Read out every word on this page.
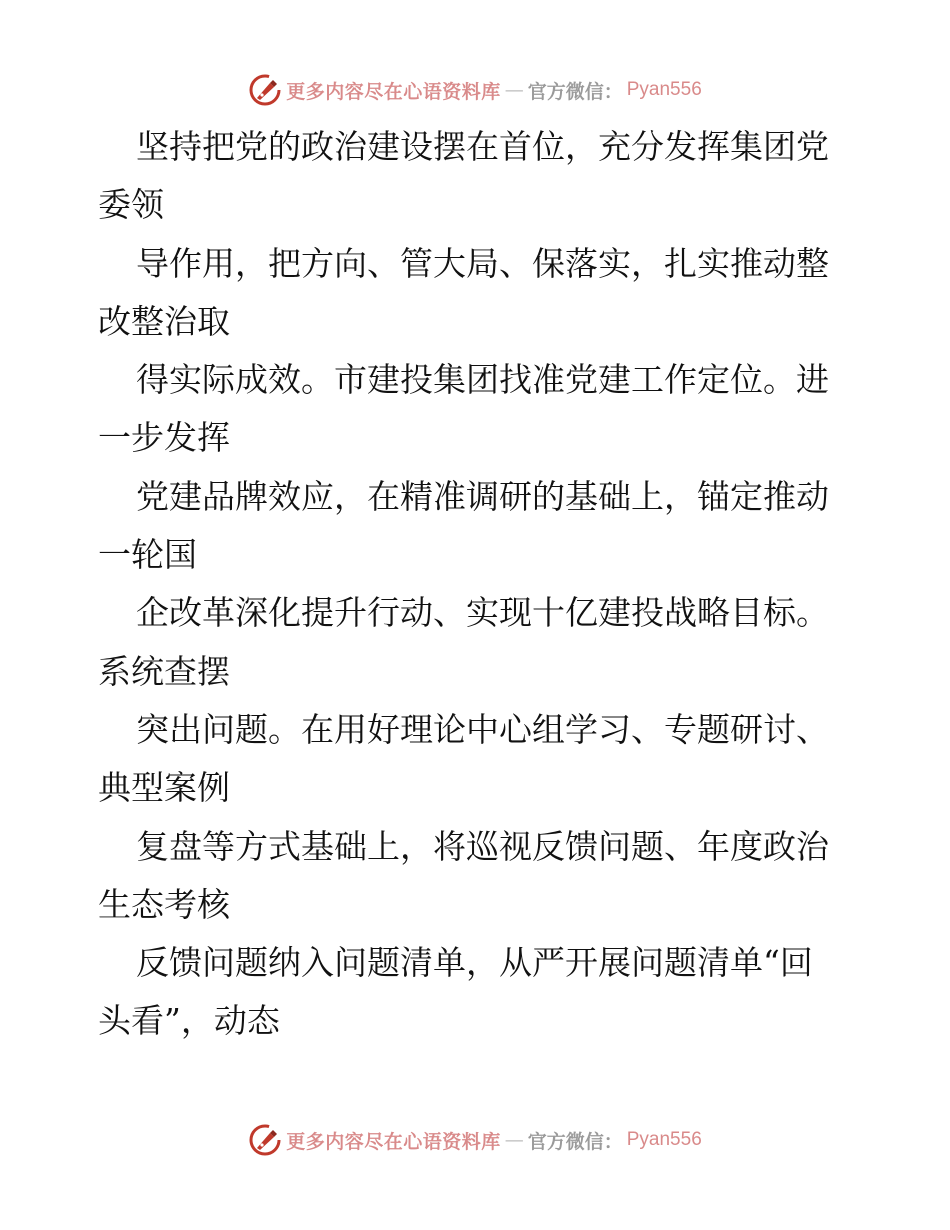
更多内容尽在心语资料库 — 官方微信： Pyan556
坚持把党的政治建设摆在首位，充分发挥集团党
委领
导作用，把方向、管大局、保落实，扎实推动整
改整治取
得实际成效。市建投集团找准党建工作定位。进
一步发挥
党建品牌效应，在精准调研的基础上，锚定推动
一轮国
企改革深化提升行动、实现十亿建投战略目标。
系统查摆
突出问题。在用好理论中心组学习、专题研讨、
典型案例
复盘等方式基础上，将巡视反馈问题、年度政治
生态考核
反馈问题纳入问题清单，从严开展问题清单“回
头看”，动态
更多内容尽在心语资料库 — 官方微信： Pyan556
